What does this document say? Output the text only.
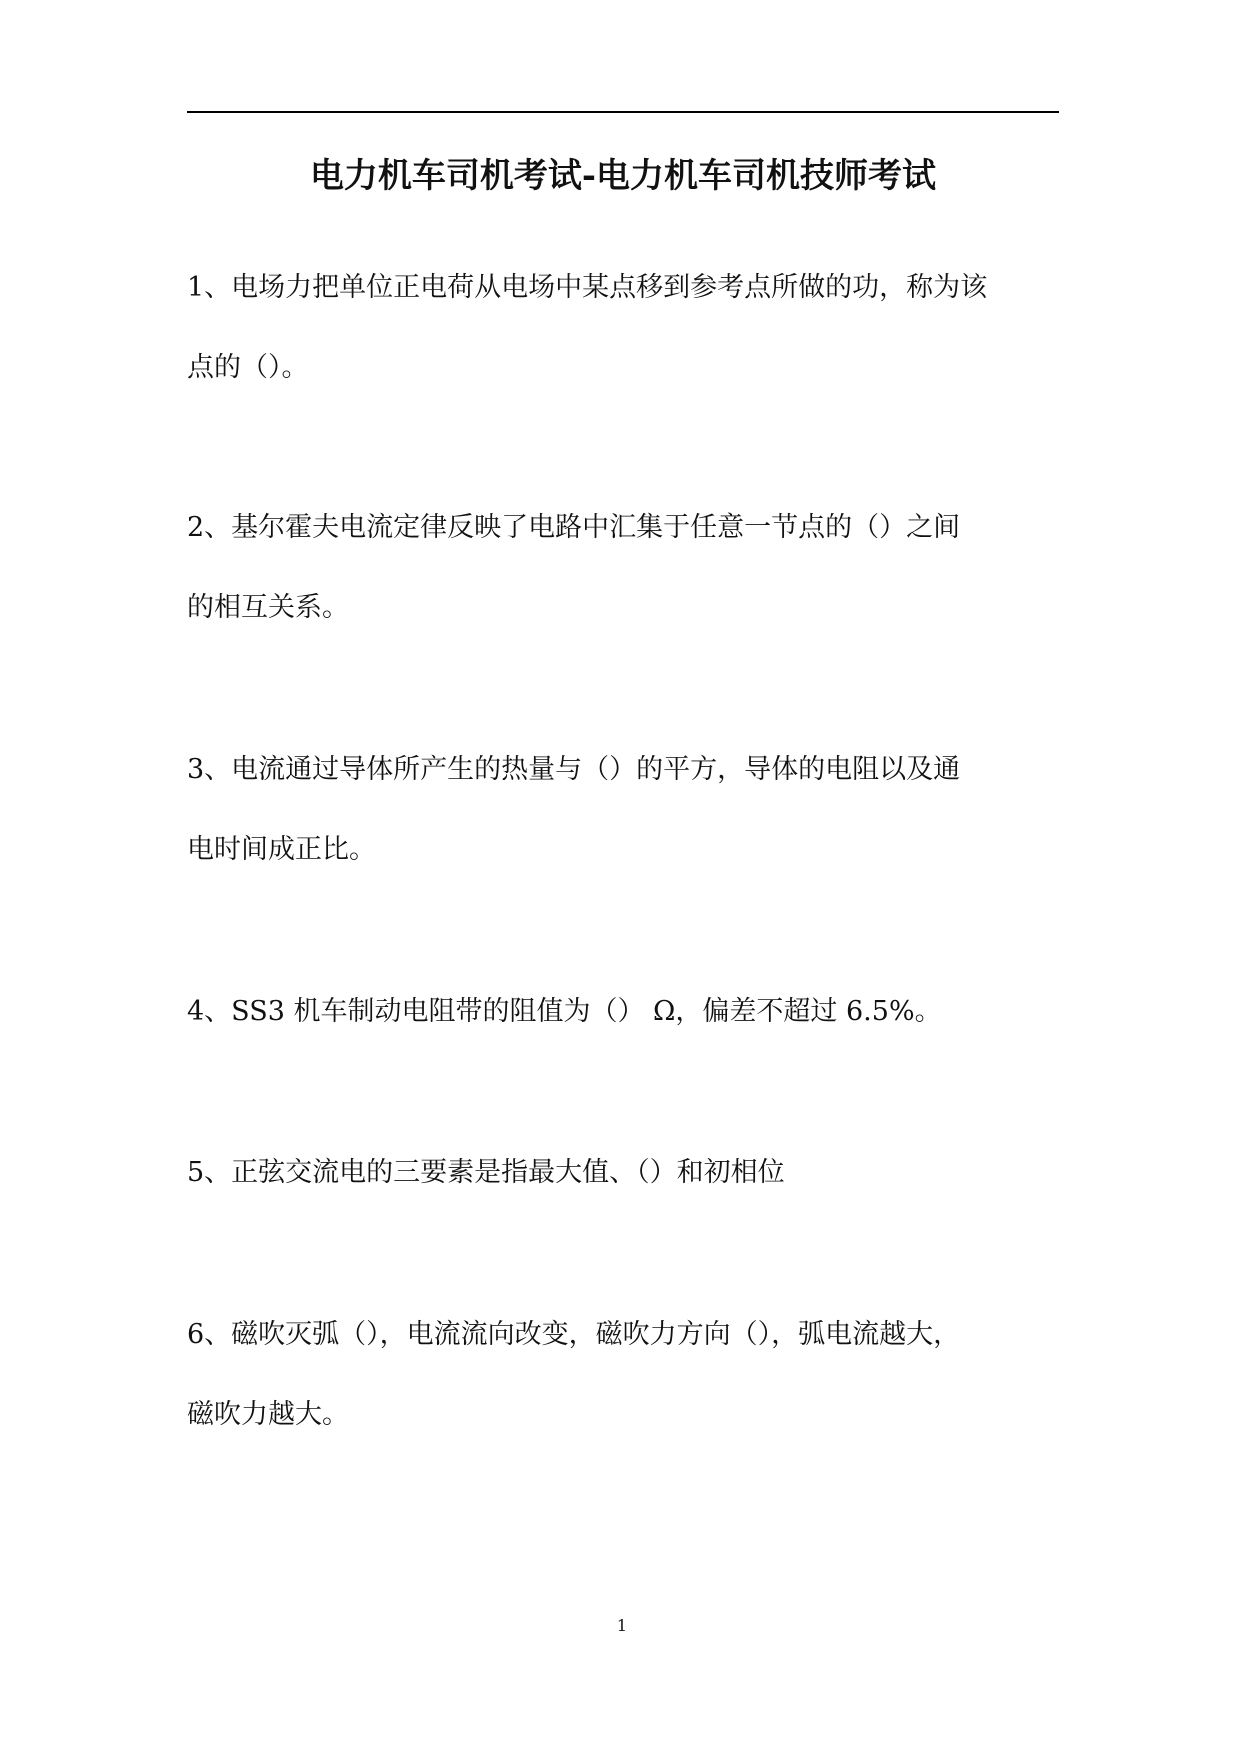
电力机车司机考试-电力机车司机技师考试

1、电场力把单位正电荷从电场中某点移到参考点所做的功，称为该

点的（）。

2、基尔霍夫电流定律反映了电路中汇集于任意一节点的（）之间

的相互关系。

3、电流通过导体所产生的热量与（）的平方，导体的电阻以及通

电时间成正比。

4、SS3 机车制动电阻带的阻值为（） Ω，偏差不超过 6.5%。

5、正弦交流电的三要素是指最大值、（）和初相位

6、磁吹灭弧（），电流流向改变，磁吹力方向（），弧电流越大，

磁吹力越大。

1
